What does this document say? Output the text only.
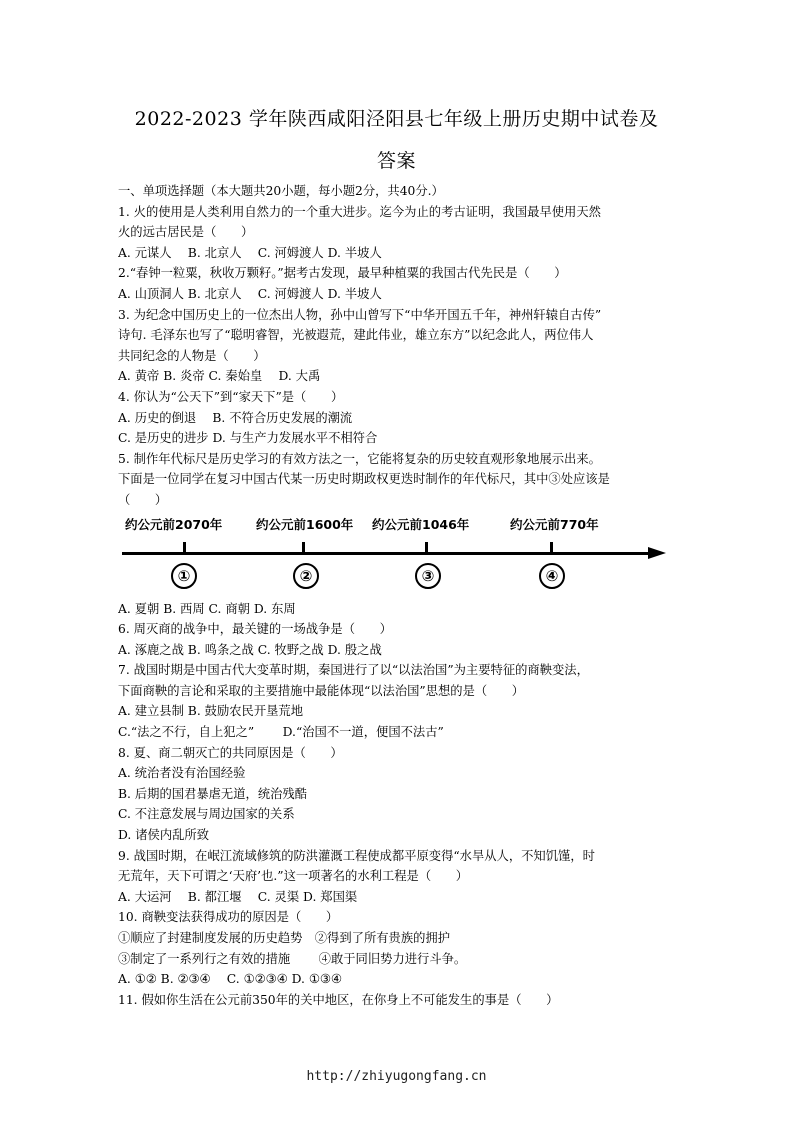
2022-2023 学年陕西咸阳泾阳县七年级上册历史期中试卷及
答案
一、单项选择题（本大题共20小题，每小题2分，共40分.）
1. 火的使用是人类利用自然力的一个重大进步。迄今为止的考古证明，我国最早使用天然
火的远古居民是（　　）
A. 元谋人　 B. 北京人　 C. 河姆渡人 D. 半坡人
2.“春钟一粒粟，秋收万颗籽。”据考古发现，最早种植粟的我国古代先民是（　　）
A. 山顶洞人 B. 北京人　 C. 河姆渡人 D. 半坡人
3. 为纪念中国历史上的一位杰出人物，孙中山曾写下“中华开国五千年，神州轩辕自古传”
诗句. 毛泽东也写了“聪明睿智，光被遐荒，建此伟业，雄立东方”以纪念此人，两位伟人
共同纪念的人物是（　　）
A. 黄帝 B. 炎帝 C. 秦始皇　 D. 大禹
4. 你认为“公天下”到“家天下”是（　　）
A. 历史的倒退　 B. 不符合历史发展的潮流
C. 是历史的进步 D. 与生产力发展水平不相符合
5. 制作年代标尺是历史学习的有效方法之一，它能将复杂的历史较直观形象地展示出来。
下面是一位同学在复习中国古代某一历史时期政权更迭时制作的年代标尺，其中③处应该是
（　　）
约公元前2070年	约公元前1600年 约公元前1046年	约公元前770年
①	②	③	④
A. 夏朝 B. 西周 C. 商朝 D. 东周
6. 周灭商的战争中，最关键的一场战争是（　　）
A. 涿鹿之战 B. 鸣条之战 C. 牧野之战 D. 殷之战
7. 战国时期是中国古代大变革时期，秦国进行了以“以法治国”为主要特征的商鞅变法，
下面商鞅的言论和采取的主要措施中最能体现“以法治国”思想的是（　　）
A. 建立县制 B. 鼓励农民开垦荒地
C.“法之不行，自上犯之”　　 D.“治国不一道，便国不法古”
8. 夏、商二朝灭亡的共同原因是（　　）
A. 统治者没有治国经验
B. 后期的国君暴虐无道，统治残酷
C. 不注意发展与周边国家的关系
D. 诸侯内乱所致
9. 战国时期，在岷江流域修筑的防洪灌溉工程使成都平原变得“水旱从人，不知饥馑，时
无荒年，天下可谓之‘天府’也.”这一项著名的水利工程是（　　）
A. 大运河　 B. 都江堰　 C. 灵渠 D. 郑国渠
10. 商鞅变法获得成功的原因是（　　）
①顺应了封建制度发展的历史趋势　②得到了所有贵族的拥护
③制定了一系列行之有效的措施　　 ④敢于同旧势力进行斗争。
A. ①② B. ②③④　 C. ①②③④ D. ①③④
11. 假如你生活在公元前350年的关中地区，在你身上不可能发生的事是（　　）
http://zhiyugongfang.cn
